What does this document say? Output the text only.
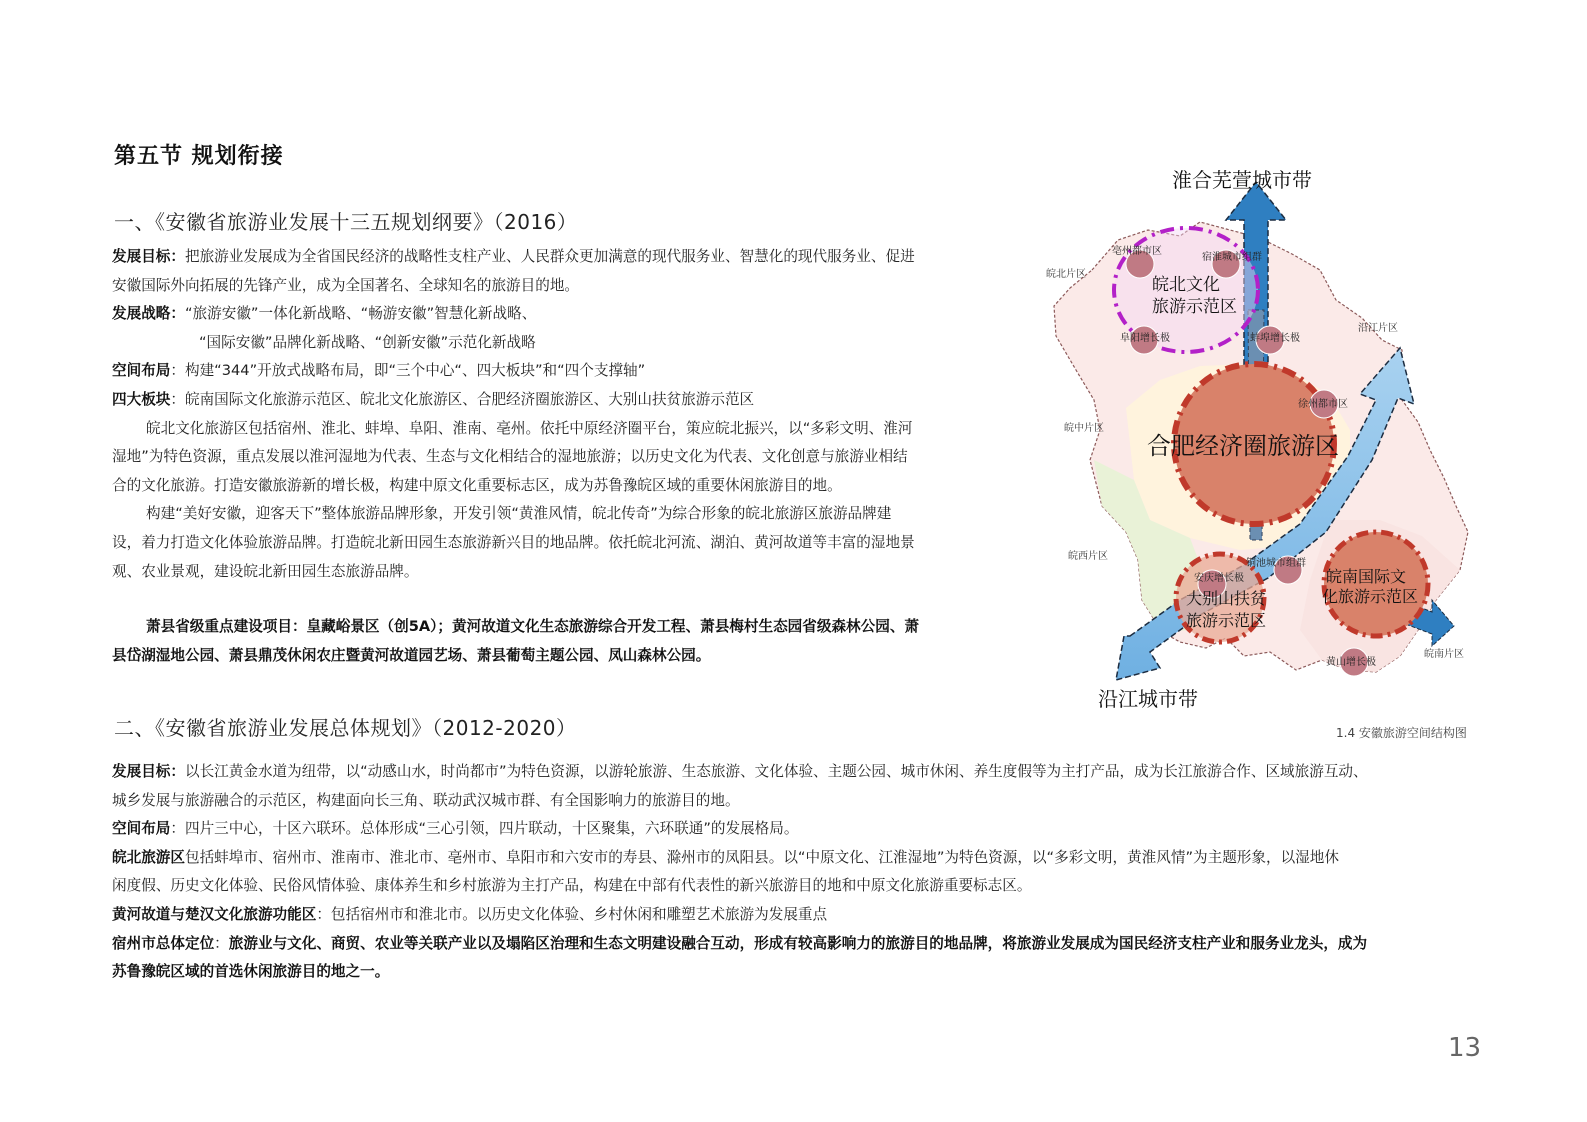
第五节 规划衔接
一、《安徽省旅游业发展十三五规划纲要》（2016）
发展目标：把旅游业发展成为全省国民经济的战略性支柱产业、人民群众更加满意的现代服务业、智慧化的现代服务业、促进
安徽国际外向拓展的先锋产业，成为全国著名、全球知名的旅游目的地。
发展战略：“旅游安徽”一体化新战略、“畅游安徽”智慧化新战略、
“国际安徽”品牌化新战略、“创新安徽”示范化新战略
空间布局：构建“344”开放式战略布局，即“三个中心“、四大板块”和“四个支撑轴”
四大板块：皖南国际文化旅游示范区、皖北文化旅游区、合肥经济圈旅游区、大别山扶贫旅游示范区
皖北文化旅游区包括宿州、淮北、蚌埠、阜阳、淮南、亳州。依托中原经济圈平台，策应皖北振兴，以“多彩文明、淮河
湿地”为特色资源，重点发展以淮河湿地为代表、生态与文化相结合的湿地旅游；以历史文化为代表、文化创意与旅游业相结
合的文化旅游。打造安徽旅游新的增长极，构建中原文化重要标志区，成为苏鲁豫皖区域的重要休闲旅游目的地。
构建“美好安徽，迎客天下”整体旅游品牌形象，开发引领“黄淮风情，皖北传奇”为综合形象的皖北旅游区旅游品牌建
设，着力打造文化体验旅游品牌。打造皖北新田园生态旅游新兴目的地品牌。依托皖北河流、湖泊、黄河故道等丰富的湿地景
观、农业景观，建设皖北新田园生态旅游品牌。
萧县省级重点建设项目：皇藏峪景区（创5A）；黄河故道文化生态旅游综合开发工程、萧县梅村生态园省级森林公园、萧
县岱湖湿地公园、萧县鼎茂休闲农庄暨黄河故道园艺场、萧县葡萄主题公园、凤山森林公园。
二、《安徽省旅游业发展总体规划》（2012-2020）
发展目标：以长江黄金水道为纽带，以“动感山水，时尚都市”为特色资源，以游轮旅游、生态旅游、文化体验、主题公园、城市休闲、养生度假等为主打产品，成为长江旅游合作、区域旅游互动、
城乡发展与旅游融合的示范区，构建面向长三角、联动武汉城市群、有全国影响力的旅游目的地。
空间布局：四片三中心，十区六联环。总体形成“三心引领，四片联动，十区聚集，六环联通”的发展格局。
皖北旅游区包括蚌埠市、宿州市、淮南市、淮北市、亳州市、阜阳市和六安市的寿县、滁州市的凤阳县。以“中原文化、江淮湿地”为特色资源，以“多彩文明，黄淮风情”为主题形象，以湿地休
闲度假、历史文化体验、民俗风情体验、康体养生和乡村旅游为主打产品，构建在中部有代表性的新兴旅游目的地和中原文化旅游重要标志区。
黄河故道与楚汉文化旅游功能区：包括宿州市和淮北市。以历史文化体验、乡村休闲和雕塑艺术旅游为发展重点
宿州市总体定位：旅游业与文化、商贸、农业等关联产业以及塌陷区治理和生态文明建设融合互动，形成有较高影响力的旅游目的地品牌，将旅游业发展成为国民经济支柱产业和服务业龙头，成为
苏鲁豫皖区域的首选休闲旅游目的地之一。
亳州都市区
宿淮城市组群
阜阳增长极	蚌埠增长极
徐州都市区
铜池城市组群
安庆增长极
黄山增长极
皖北片区
沿江片区
皖中片区
皖西片区
皖南片区
皖北文化
旅游示范区
合肥经济圈旅游区
大别山扶贫
旅游示范区
皖南国际文
化旅游示范区
淮合芜萱城市带
沿江城市带
1.4 安徽旅游空间结构图
13
